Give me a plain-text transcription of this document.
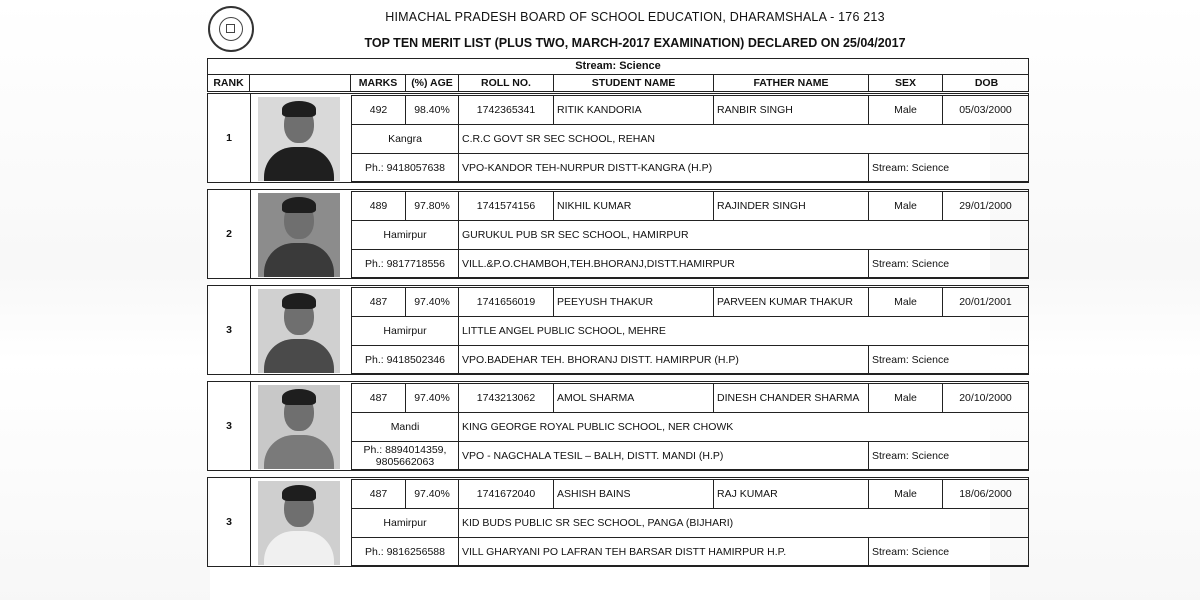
HIMACHAL PRADESH BOARD OF SCHOOL EDUCATION, DHARAMSHALA - 176 213
TOP TEN MERIT LIST (PLUS TWO, MARCH-2017 EXAMINATION) DECLARED ON 25/04/2017
Stream: Science
RANK	MARKS	(%) AGE	ROLL NO.	STUDENT NAME	FATHER NAME	SEX	DOB
1
492	98.40%	1742365341	RITIK KANDORIA	RANBIR SINGH	Male	05/03/2000
Kangra	C.R.C GOVT SR SEC SCHOOL, REHAN
Ph.: 9418057638	VPO-KANDOR TEH-NURPUR DISTT-KANGRA (H.P)	Stream: Science
2
489	97.80%	1741574156	NIKHIL KUMAR	RAJINDER SINGH	Male	29/01/2000
Hamirpur	GURUKUL PUB SR SEC SCHOOL, HAMIRPUR
Ph.: 9817718556	VILL.&P.O.CHAMBOH,TEH.BHORANJ,DISTT.HAMIRPUR	Stream: Science
3
487	97.40%	1741656019	PEEYUSH THAKUR	PARVEEN KUMAR THAKUR	Male	20/01/2001
Hamirpur	LITTLE ANGEL PUBLIC SCHOOL, MEHRE
Ph.: 9418502346	VPO.BADEHAR TEH. BHORANJ DISTT. HAMIRPUR (H.P)	Stream: Science
3
487	97.40%	1743213062	AMOL SHARMA	DINESH CHANDER SHARMA	Male	20/10/2000
Mandi	KING GEORGE ROYAL PUBLIC SCHOOL, NER CHOWK
Ph.: 8894014359, 9805662063	VPO - NAGCHALA TESIL – BALH, DISTT. MANDI (H.P)	Stream: Science
3
487	97.40%	1741672040	ASHISH BAINS	RAJ KUMAR	Male	18/06/2000
Hamirpur	KID BUDS PUBLIC SR SEC SCHOOL, PANGA (BIJHARI)
Ph.: 9816256588	VILL GHARYANI PO LAFRAN TEH BARSAR DISTT HAMIRPUR H.P.	Stream: Science
